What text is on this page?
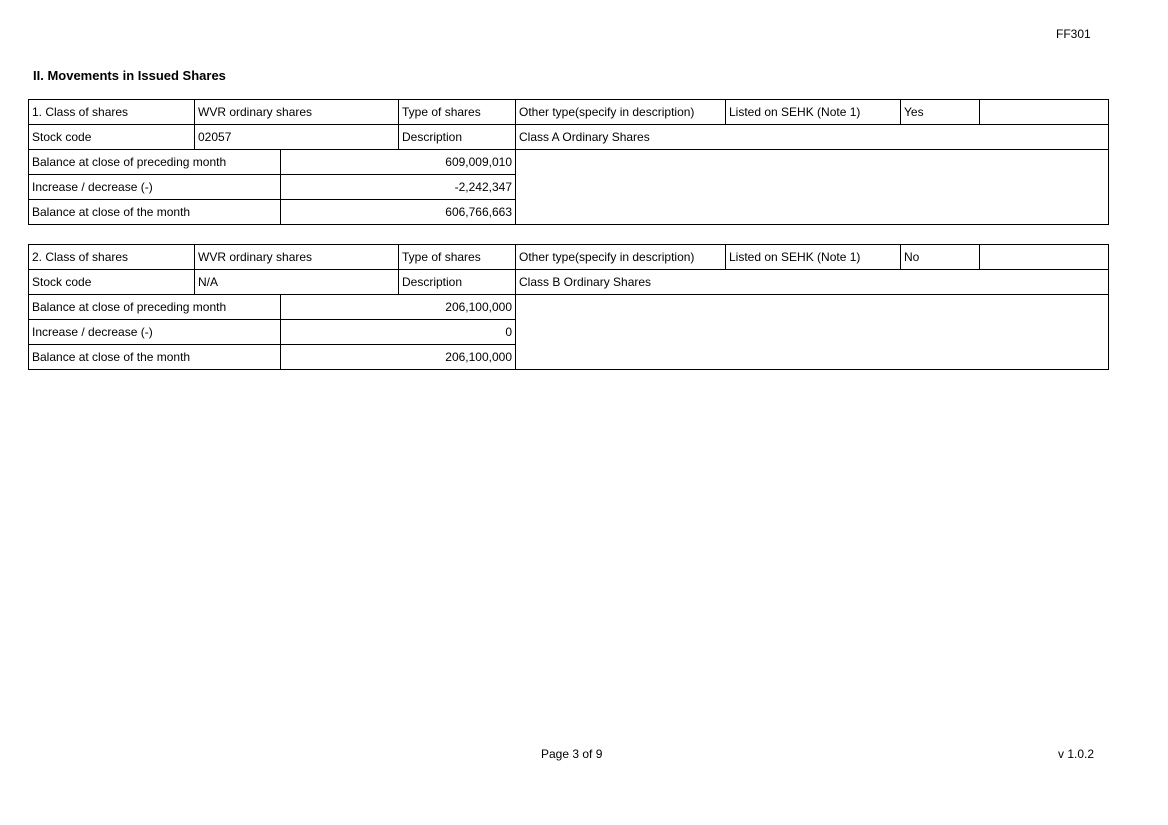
FF301
II. Movements in Issued Shares
1. Class of shares	WVR ordinary shares	Type of shares	Other type(specify in description)	Listed on SEHK (Note 1)	Yes
Stock code	02057	Description	Class A Ordinary Shares
Balance at close of preceding month	609,009,010
Increase / decrease (-)	-2,242,347
Balance at close of the month	606,766,663
2. Class of shares	WVR ordinary shares	Type of shares	Other type(specify in description)	Listed on SEHK (Note 1)	No
Stock code	N/A	Description	Class B Ordinary Shares
Balance at close of preceding month	206,100,000
Increase / decrease (-)	0
Balance at close of the month	206,100,000
Page 3 of 9	v 1.0.2
